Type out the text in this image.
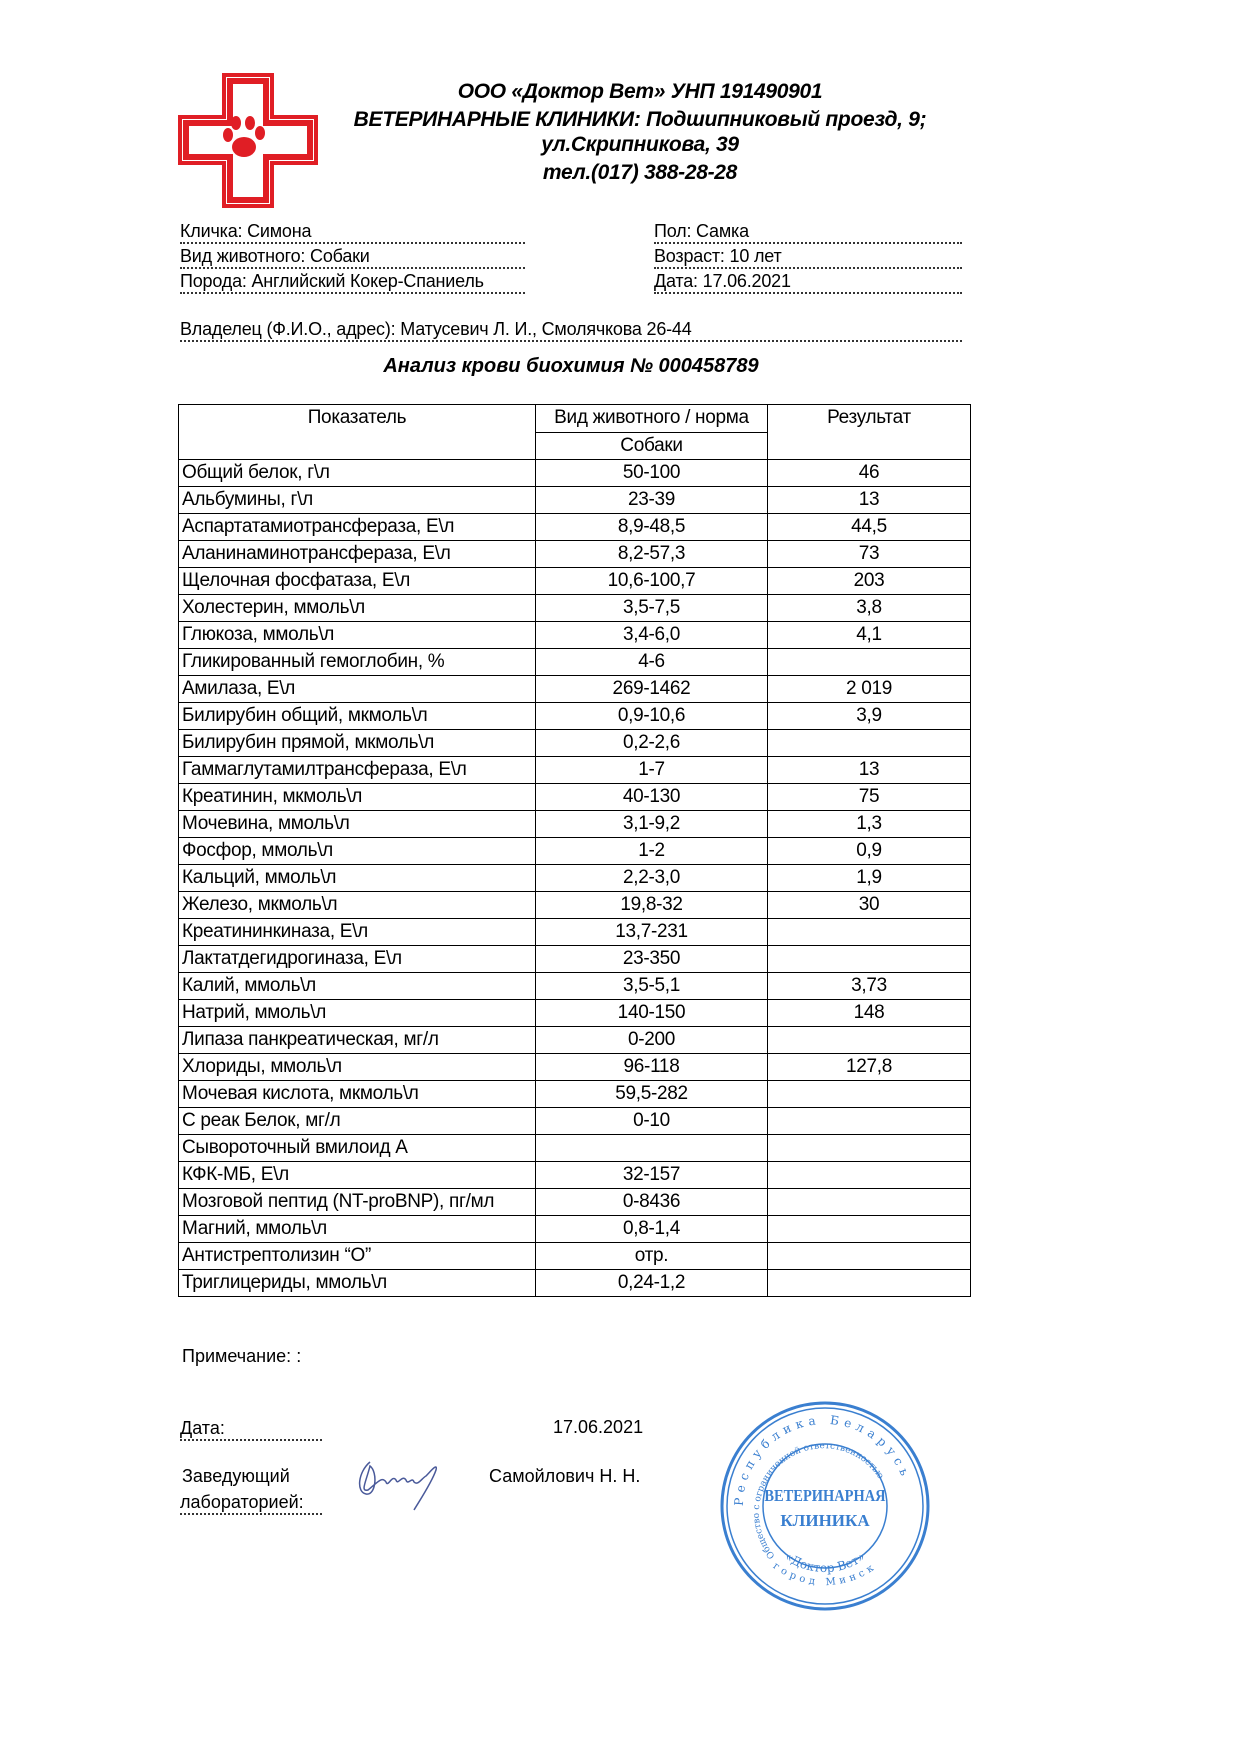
ООО «Доктор Вет» УНП 191490901
ВЕТЕРИНАРНЫЕ КЛИНИКИ: Подшипниковый проезд, 9;
ул.Скрипникова, 39
тел.(017) 388-28-28
Кличка: Симона
Вид животного: Собаки
Порода: Английский Кокер-Спаниель
Пол: Самка
Возраст: 10 лет
Дата: 17.06.2021
Владелец (Ф.И.О., адрес): Матусевич Л. И., Смолячкова 26-44
Анализ крови биохимия № 000458789
Показатель	Вид животного / норма	Результат
	Собаки	
Общий белок, г\л	50-100	46
Альбумины, г\л	23-39	13
Аспартатамиотрансфераза, Е\л	8,9-48,5	44,5
Аланинаминотрансфераза, Е\л	8,2-57,3	73
Щелочная фосфатаза, Е\л	10,6-100,7	203
Холестерин, ммоль\л	3,5-7,5	3,8
Глюкоза, ммоль\л	3,4-6,0	4,1
Гликированный гемоглобин, %	4-6	
Амилаза, Е\л	269-1462	2 019
Билирубин общий, мкмоль\л	0,9-10,6	3,9
Билирубин прямой, мкмоль\л	0,2-2,6	
Гаммаглутамилтрансфераза, Е\л	1-7	13
Креатинин, мкмоль\л	40-130	75
Мочевина, ммоль\л	3,1-9,2	1,3
Фосфор, ммоль\л	1-2	0,9
Кальций, ммоль\л	2,2-3,0	1,9
Железо, мкмоль\л	19,8-32	30
Креатининкиназа, Е\л	13,7-231	
Лактатдегидрогиназа, Е\л	23-350	
Калий, ммоль\л	3,5-5,1	3,73
Натрий, ммоль\л	140-150	148
Липаза панкреатическая, мг/л	0-200	
Хлориды, ммоль\л	96-118	127,8
Мочевая кислота, мкмоль\л	59,5-282	
С реак Белок, мг/л	0-10	
Сывороточный вмилоид А		
КФК-МБ, Е\л	32-157	
Мозговой пептид (NT-proBNP), пг/мл	0-8436	
Магний, ммоль\л	0,8-1,4	
Антистрептолизин “О”	отр.	
Триглицериды, ммоль\л	0,24-1,2	
Примечание: :
Дата:	17.06.2021
Заведующий
лабораторией:
Самойлович Н. Н.
Республика Беларусь
Общество с ограниченной ответственностью
«Доктор Вет»
город Минск
ВЕТЕРИНАРНАЯ
КЛИНИКА
